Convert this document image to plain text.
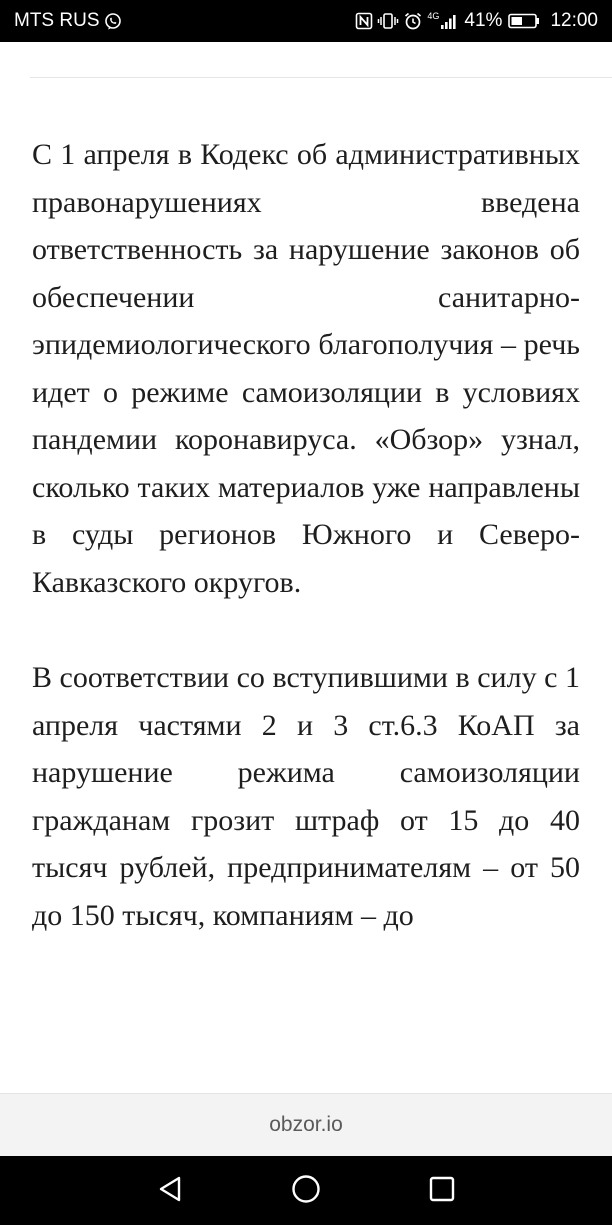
MTS RUS	4G 41%	12:00

С 1 апреля в Кодекс об административных правонарушениях введена ответственность за нарушение законов об обеспечении санитарно-эпидемиологического благополучия – речь идет о режиме самоизоляции в условиях пандемии коронавируса. «Обзор» узнал, сколько таких материалов уже направлены в суды регионов Южного и Северо-Кавказского округов.

В соответствии со вступившими в силу с 1 апреля частями 2 и 3 ст.6.3 КоАП за нарушение режима самоизоляции гражданам грозит штраф от 15 до 40 тысяч рублей, предпринимателям – от 50 до 150 тысяч, компаниям – до

obzor.io
